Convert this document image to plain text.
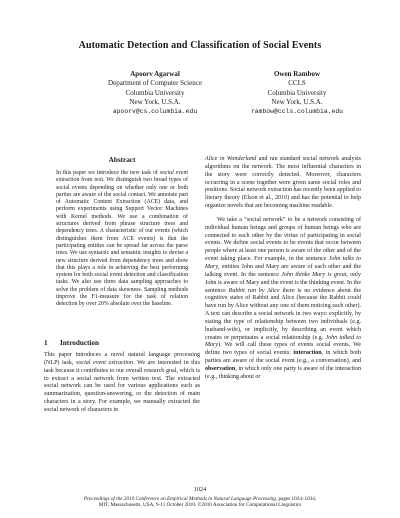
Automatic Detection and Classification of Social Events
Apoorv Agarwal
Department of Computer Science
Columbia University
New York, U.S.A.
apoorv@cs.columbia.edu
Owen Rambow
CCLS
Columbia University
New York, U.S.A.
rambow@ccls.columbia.edu
Abstract

In this paper we introduce the new task of social event extraction from text. We distinguish two broad types of social events depending on whether only one or both parties are aware of the social contact. We annotate part of Automatic Content Extraction (ACE) data, and perform experiments using Support Vector Machines with Kernel methods. We use a combination of structures derived from phrase structure trees and dependency trees. A characteristic of our events (which distinguishes them from ACE events) is that the participating entities can be spread far across the parse trees. We use syntactic and semantic insights to devise a new structure derived from dependency trees and show that this plays a role in achieving the best performing system for both social event detection and classification tasks. We also use three data sampling approaches to solve the problem of data skewness. Sampling methods improve the F1-measure for the task of relation detection by over 20% absolute over the baseline.

1 Introduction

This paper introduces a novel natural language processing (NLP) task, social event extraction. We are interested in this task because it contributes to our overall research goal, which is to extract a social network from written text. The extracted social network can be used for various applications such as summarization, question-answering, or the detection of main characters in a story. For example, we manually extracted the social network of characters in

Alice in Wonderland and ran standard social network analysis algorithms on the network. The most influential characters in the story were correctly detected. Moreover, characters occurring in a scene together were given same social roles and positions. Social network extraction has recently been applied to literary theory (Elson et al., 2010) and has the potential to help organize novels that are becoming machine readable.

We take a “social network” to be a network consisting of individual human beings and groups of human beings who are connected to each other by the virtue of participating in social events. We define social events to be events that occur between people where at least one person is aware of the other and of the event taking place. For example, in the sentence John talks to Mary, entities John and Mary are aware of each other and the talking event. In the sentence John thinks Mary is great, only John is aware of Mary and the event is the thinking event. In the sentence Rabbit ran by Alice there is no evidence about the cognitive states of Rabbit and Alice (because the Rabbit could have run by Alice without any one of them noticing each other). A text can describe a social network in two ways: explicitly, by stating the type of relationship between two individuals (e.g. husband-wife), or implicitly, by describing an event which creates or perpetuates a social relationship (e.g. John talked to Mary). We will call these types of events social events. We define two types of social events: interaction, in which both parties are aware of the social event (e.g., a conversation), and observation, in which only one party is aware of the interaction (e.g., thinking about or

1024
Proceedings of the 2010 Conference on Empirical Methods in Natural Language Processing, pages 1024–1034,
MIT, Massachusetts, USA, 9-11 October 2010. ©2010 Association for Computational Linguistics
